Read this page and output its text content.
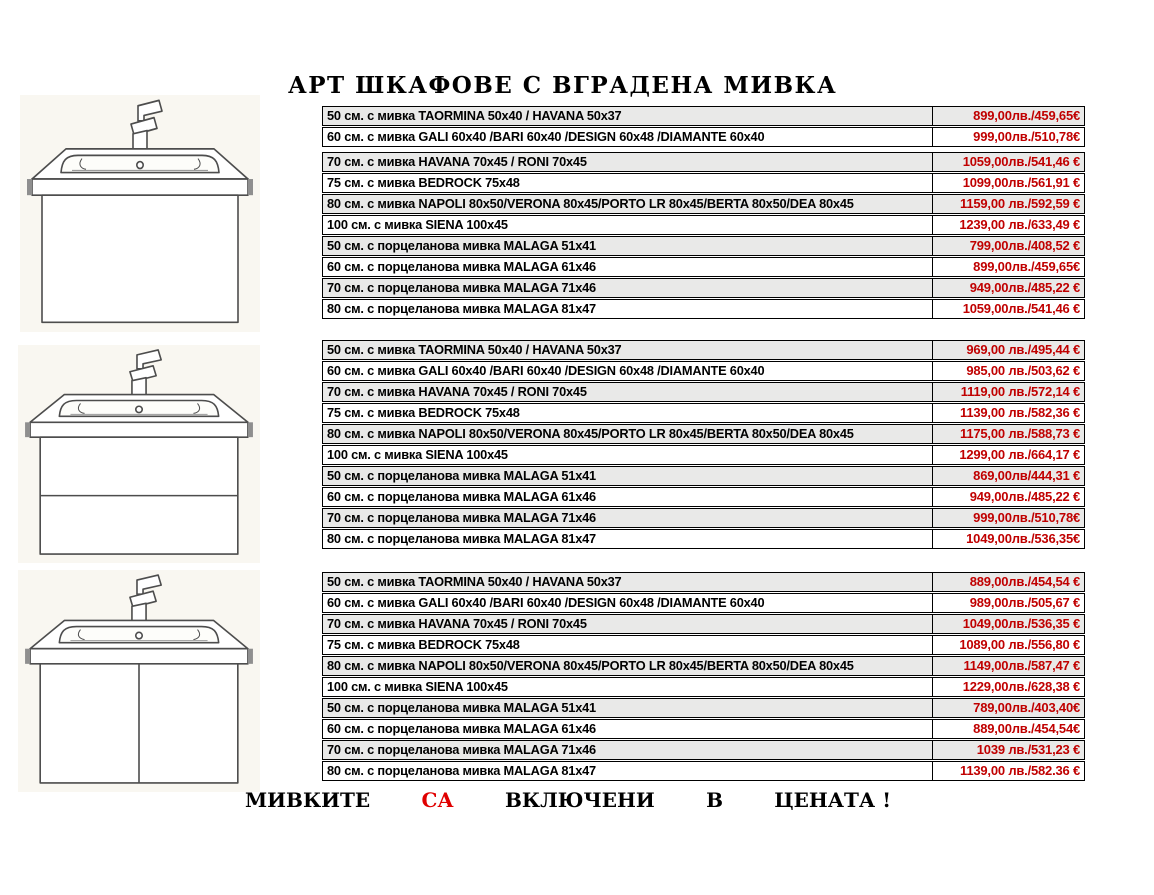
АРТ ШКАФОВЕ С ВГРАДЕНА МИВКА
50 см. с мивка TAORMINA 50x40 / HAVANA 50x37	899,00лв./459,65€
60 см. с мивка GALI 60x40 /BARI 60x40 /DESIGN 60x48 /DIAMANTE 60x40	999,00лв./510,78€
70 см. с мивка HAVANA 70x45 / RONI 70x45	1059,00лв./541,46 €
75 см. с мивка BEDROCK 75x48	1099,00лв./561,91 €
80 см. с мивка NAPOLI 80x50/VERONA 80x45/PORTO LR 80x45/BERTA 80x50/DEA 80x45	1159,00 лв./592,59 €
100 см. с мивка SIENA 100x45	1239,00 лв./633,49 €
50 см. с порцеланова мивка MALAGA 51x41	799,00лв./408,52 €
60 см. с порцеланова мивка MALAGA 61x46	899,00лв./459,65€
70 см. с порцеланова мивка MALAGA 71x46	949,00лв./485,22 €
80 см. с порцеланова мивка MALAGA 81x47	1059,00лв./541,46 €
50 см. с мивка TAORMINA 50x40 / HAVANA 50x37	969,00 лв./495,44 €
60 см. с мивка GALI 60x40 /BARI 60x40 /DESIGN 60x48 /DIAMANTE 60x40	985,00 лв./503,62 €
70 см. с мивка HAVANA 70x45 / RONI 70x45	1119,00 лв./572,14 €
75 см. с мивка BEDROCK 75x48	1139,00 лв./582,36 €
80 см. с мивка NAPOLI 80x50/VERONA 80x45/PORTO LR 80x45/BERTA 80x50/DEA 80x45	1175,00 лв./588,73 €
100 см. с мивка SIENA 100x45	1299,00 лв./664,17 €
50 см. с порцеланова мивка MALAGA 51x41	869,00лв/444,31 €
60 см. с порцеланова мивка MALAGA 61x46	949,00лв./485,22 €
70 см. с порцеланова мивка MALAGA 71x46	999,00лв./510,78€
80 см. с порцеланова мивка MALAGA 81x47	1049,00лв./536,35€
50 см. с мивка TAORMINA 50x40 / HAVANA 50x37	889,00лв./454,54 €
60 см. с мивка GALI 60x40 /BARI 60x40 /DESIGN 60x48 /DIAMANTE 60x40	989,00лв./505,67 €
70 см. с мивка HAVANA 70x45 / RONI 70x45	1049,00лв./536,35 €
75 см. с мивка BEDROCK 75x48	1089,00 лв./556,80 €
80 см. с мивка NAPOLI 80x50/VERONA 80x45/PORTO LR 80x45/BERTA 80x50/DEA 80x45	1149,00лв./587,47 €
100 см. с мивка SIENA 100x45	1229,00лв./628,38 €
50 см. с порцеланова мивка MALAGA 51x41	789,00лв./403,40€
60 см. с порцеланова мивка MALAGA 61x46	889,00лв./454,54€
70 см. с порцеланова мивка MALAGA 71x46	1039 лв./531,23 €
80 см. с порцеланова мивка MALAGA 81x47	1139,00 лв./582.36 €
МИВКИТЕ	СА	ВКЛЮЧЕНИ	В	ЦЕНАТА !
